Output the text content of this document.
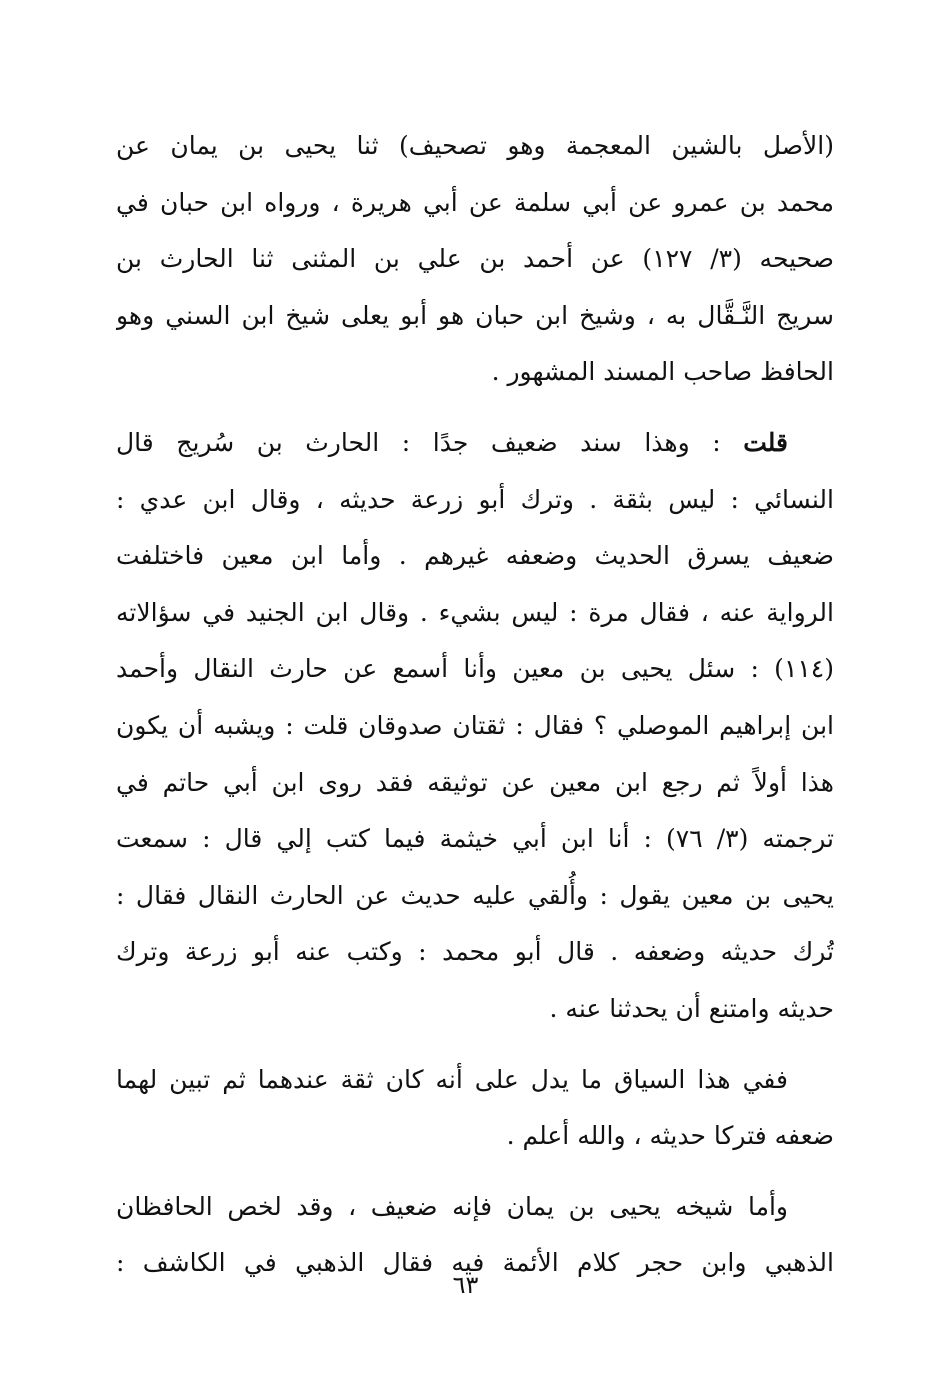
(الأصل بالشين المعجمة وهو تصحيف) ثنا يحيى بن يمان عن
محمد بن عمرو عن أبي سلمة عن أبي هريرة ، ورواه ابن حبان في
صحيحه (٣/ ١٢٧) عن أحمد بن علي بن المثنى ثنا الحارث بن
سريج النَّـقَّال به ، وشيخ ابن حبان هو أبو يعلى شيخ ابن السني وهو
الحافظ صاحب المسند المشهور .
قلت : وهذا سند ضعيف جدًا : الحارث بن سُريج قال
النسائي : ليس بثقة . وترك أبو زرعة حديثه ، وقال ابن عدي :
ضعيف يسرق الحديث وضعفه غيرهم . وأما ابن معين فاختلفت
الرواية عنه ، فقال مرة : ليس بشيء . وقال ابن الجنيد في سؤالاته
(١١٤) : سئل يحيى بن معين وأنا أسمع عن حارث النقال وأحمد
ابن إبراهيم الموصلي ؟ فقال : ثقتان صدوقان قلت : ويشبه أن يكون
هذا أولاً ثم رجع ابن معين عن توثيقه فقد روى ابن أبي حاتم في
ترجمته (٣/ ٧٦) : أنا ابن أبي خيثمة فيما كتب إلي قال : سمعت
يحيى بن معين يقول : وأُلقي عليه حديث عن الحارث النقال فقال :
تُرك حديثه وضعفه . قال أبو محمد : وكتب عنه أبو زرعة وترك
حديثه وامتنع أن يحدثنا عنه .
ففي هذا السياق ما يدل على أنه كان ثقة عندهما ثم تبين لهما
ضعفه فتركا حديثه ، والله أعلم .
وأما شيخه يحيى بن يمان فإنه ضعيف ، وقد لخص الحافظان
الذهبي وابن حجر كلام الأئمة فيه فقال الذهبي في الكاشف :
٦٣
